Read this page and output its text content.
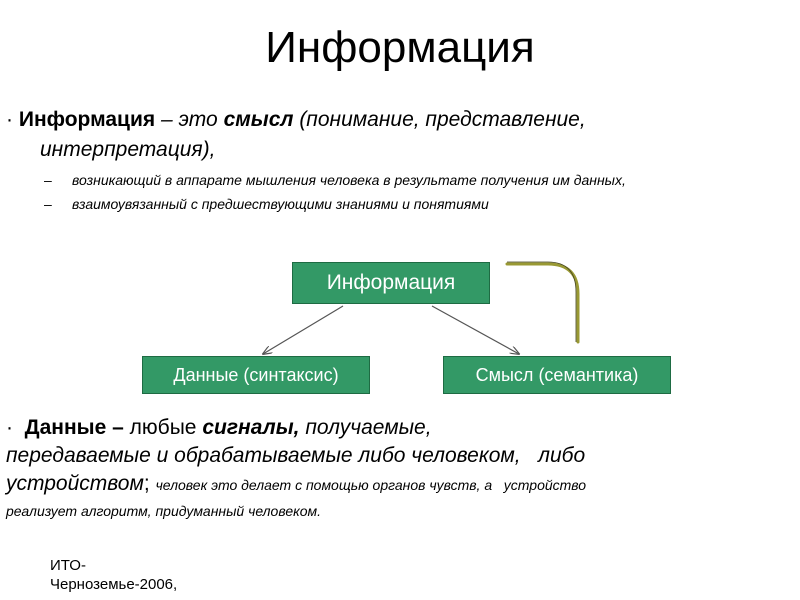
Информация
· Информация – это смысл (понимание, представление,
интерпретация),
– возникающий в аппарате мышления человека в результате получения им данных,
– взаимоувязанный с предшествующими знаниями и понятиями
Информация
Данные (синтаксис)	Смысл (семантика)
· Данные – любые сигналы, получаемые,
передаваемые и обрабатываемые либо человеком,   либо
устройством; человек это делает с помощью органов чувств, а   устройство
реализует алгоритм, придуманный человеком.
ИТО-
Черноземье-2006,
